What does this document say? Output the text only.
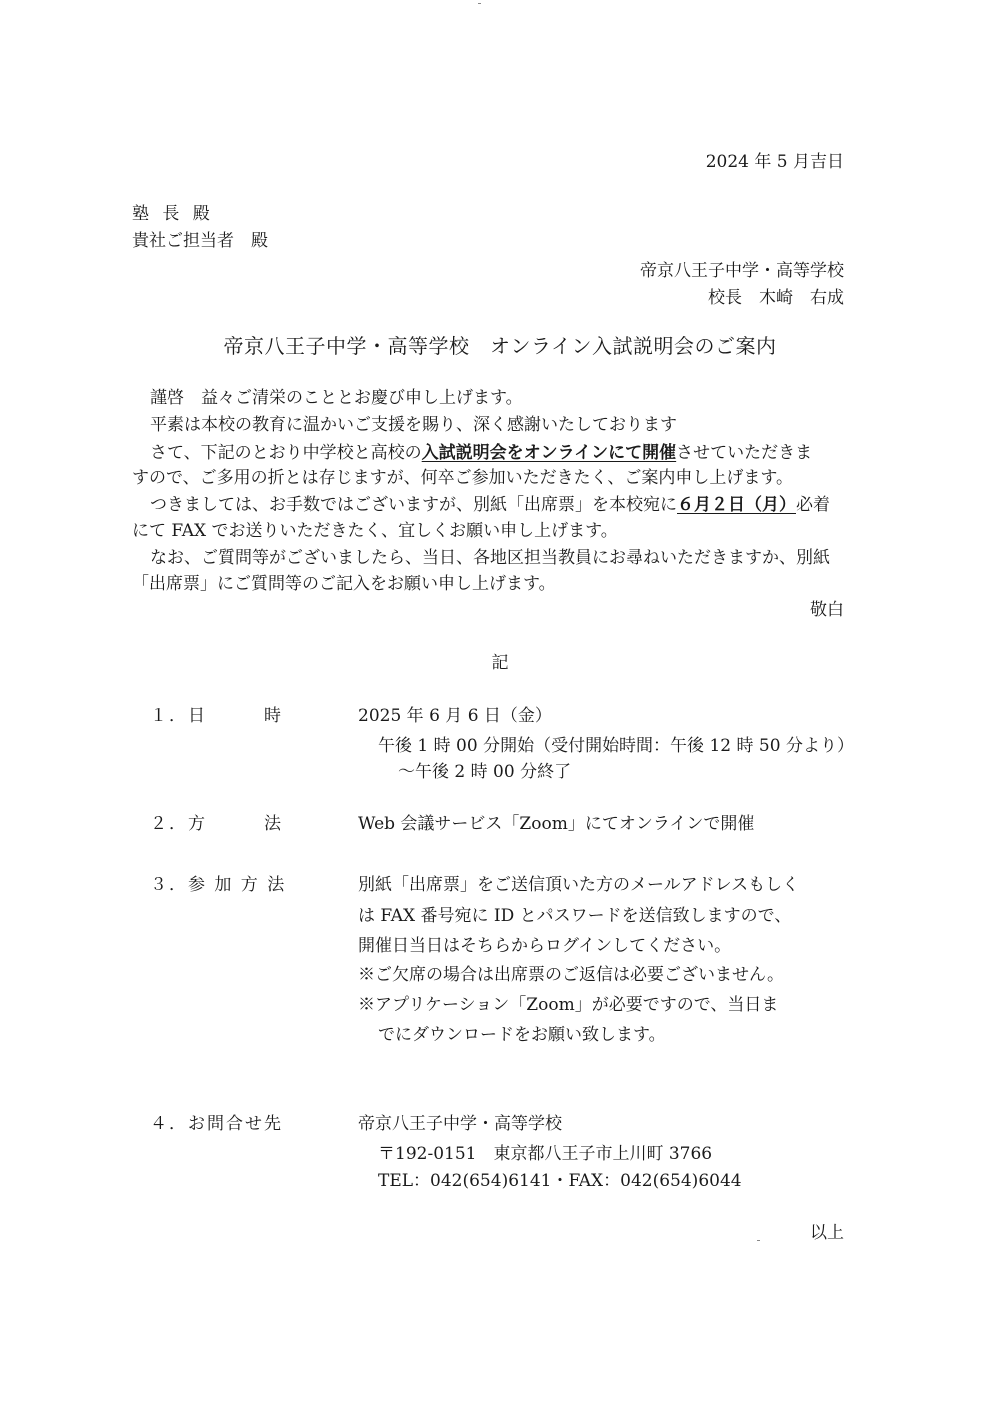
2024 年 5 月吉日
塾 長 殿
貴社ご担当者　殿
帝京八王子中学・高等学校
校長　木崎　右成
帝京八王子中学・高等学校　オンライン入試説明会のご案内
謹啓　益々ご清栄のこととお慶び申し上げます。
平素は本校の教育に温かいご支援を賜り、深く感謝いたしております
さて、下記のとおり中学校と高校の入試説明会をオンラインにて開催させていただきま
すので、ご多用の折とは存じますが、何卒ご参加いただきたく、ご案内申し上げます。
つきましては、お手数ではございますが、別紙「出席票」を本校宛に６月２日（月）必着
にて FAX でお送りいただきたく、宜しくお願い申し上げます。
なお、ご質問等がございましたら、当日、各地区担当教員にお尋ねいただきますか、別紙
「出席票」にご質問等のご記入をお願い申し上げます。
敬白
記
１．日　　　時	2025 年 6 月 6 日（金）
午後 1 時 00 分開始（受付開始時間：午後 12 時 50 分より）
～午後 2 時 00 分終了
２．方　　　法	Web 会議サービス「Zoom」にてオンラインで開催
３．参 加 方 法	別紙「出席票」をご送信頂いた方のメールアドレスもしく
は FAX 番号宛に ID とパスワードを送信致しますので、
開催日当日はそちらからログインしてください。
※ご欠席の場合は出席票のご返信は必要ございません。
※アプリケーション「Zoom」が必要ですので、当日ま
でにダウンロードをお願い致します。
４．お問合せ先	帝京八王子中学・高等学校
〒192-0151　東京都八王子市上川町 3766
TEL：042(654)6141・FAX：042(654)6044
以上
